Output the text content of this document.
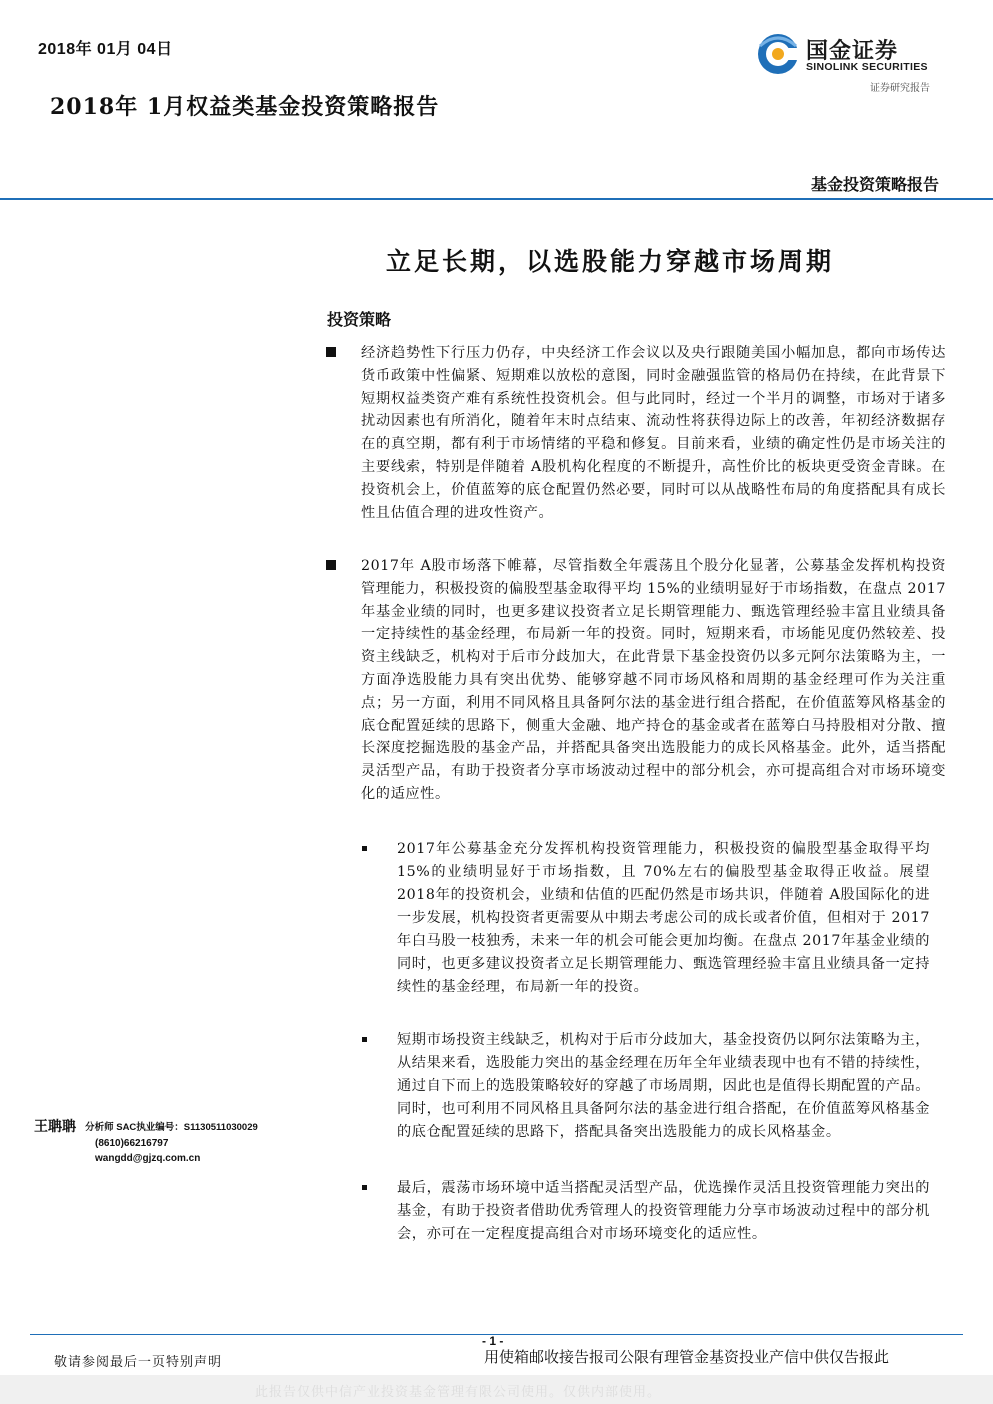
2018年 01月 04日
2018年 1月权益类基金投资策略报告
国金证券
SINOLINK SECURITIES
证券研究报告
基金投资策略报告
立足长期，以选股能力穿越市场周期
投资策略

经济趋势性下行压力仍存，中央经济工作会议以及央行跟随美国小幅加息，都向市场传达货币政策中性偏紧、短期难以放松的意图，同时金融强监管的格局仍在持续，在此背景下短期权益类资产难有系统性投资机会。但与此同时，经过一个半月的调整，市场对于诸多扰动因素也有所消化，随着年末时点结束、流动性将获得边际上的改善，年初经济数据存在的真空期，都有利于市场情绪的平稳和修复。目前来看，业绩的确定性仍是市场关注的主要线索，特别是伴随着 A股机构化程度的不断提升，高性价比的板块更受资金青睐。在投资机会上，价值蓝筹的底仓配置仍然必要，同时可以从战略性布局的角度搭配具有成长性且估值合理的进攻性资产。

2017年 A股市场落下帷幕，尽管指数全年震荡且个股分化显著，公募基金发挥机构投资管理能力，积极投资的偏股型基金取得平均 15%的业绩明显好于市场指数，在盘点 2017年基金业绩的同时，也更多建议投资者立足长期管理能力、甄选管理经验丰富且业绩具备一定持续性的基金经理，布局新一年的投资。同时，短期来看，市场能见度仍然较差、投资主线缺乏，机构对于后市分歧加大，在此背景下基金投资仍以多元阿尔法策略为主，一方面净选股能力具有突出优势、能够穿越不同市场风格和周期的基金经理可作为关注重点；另一方面，利用不同风格且具备阿尔法的基金进行组合搭配，在价值蓝筹风格基金的底仓配置延续的思路下，侧重大金融、地产持仓的基金或者在蓝筹白马持股相对分散、擅长深度挖掘选股的基金产品，并搭配具备突出选股能力的成长风格基金。此外，适当搭配灵活型产品，有助于投资者分享市场波动过程中的部分机会，亦可提高组合对市场环境变化的适应性。

2017年公募基金充分发挥机构投资管理能力，积极投资的偏股型基金取得平均 15%的业绩明显好于市场指数，且 70%左右的偏股型基金取得正收益。展望 2018年的投资机会，业绩和估值的匹配仍然是市场共识，伴随着 A股国际化的进一步发展，机构投资者更需要从中期去考虑公司的成长或者价值，但相对于 2017年白马股一枝独秀，未来一年的机会可能会更加均衡。在盘点 2017年基金业绩的同时，也更多建议投资者立足长期管理能力、甄选管理经验丰富且业绩具备一定持续性的基金经理，布局新一年的投资。

短期市场投资主线缺乏，机构对于后市分歧加大，基金投资仍以阿尔法策略为主，从结果来看，选股能力突出的基金经理在历年全年业绩表现中也有不错的持续性，通过自下而上的选股策略较好的穿越了市场周期，因此也是值得长期配置的产品。同时，也可利用不同风格且具备阿尔法的基金进行组合搭配，在价值蓝筹风格基金的底仓配置延续的思路下，搭配具备突出选股能力的成长风格基金。

最后，震荡市场环境中适当搭配灵活型产品，优选操作灵活且投资管理能力突出的基金，有助于投资者借助优秀管理人的投资管理能力分享市场波动过程中的部分机会，亦可在一定程度提高组合对市场环境变化的适应性。

王聃聃 分析师 SAC执业编号：S1130511030029
(8610)66216797
wangdd@gjzq.com.cn
- 1 -
敬请参阅最后一页特别声明	用使箱邮收接告报司公限有理管金基资投业产信中供仅告报此
此报告仅供中信产业投资基金管理有限公司使用。仅供内部使用。
